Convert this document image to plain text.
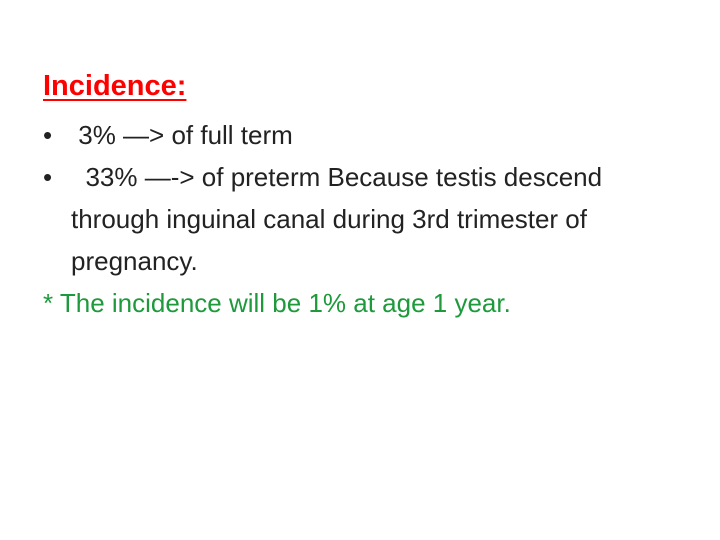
Incidence:
• 3% —> of full term
• 33% —-> of preterm Because testis descend through inguinal canal during 3rd trimester of pregnancy.

* The incidence will be 1% at age 1 year.
